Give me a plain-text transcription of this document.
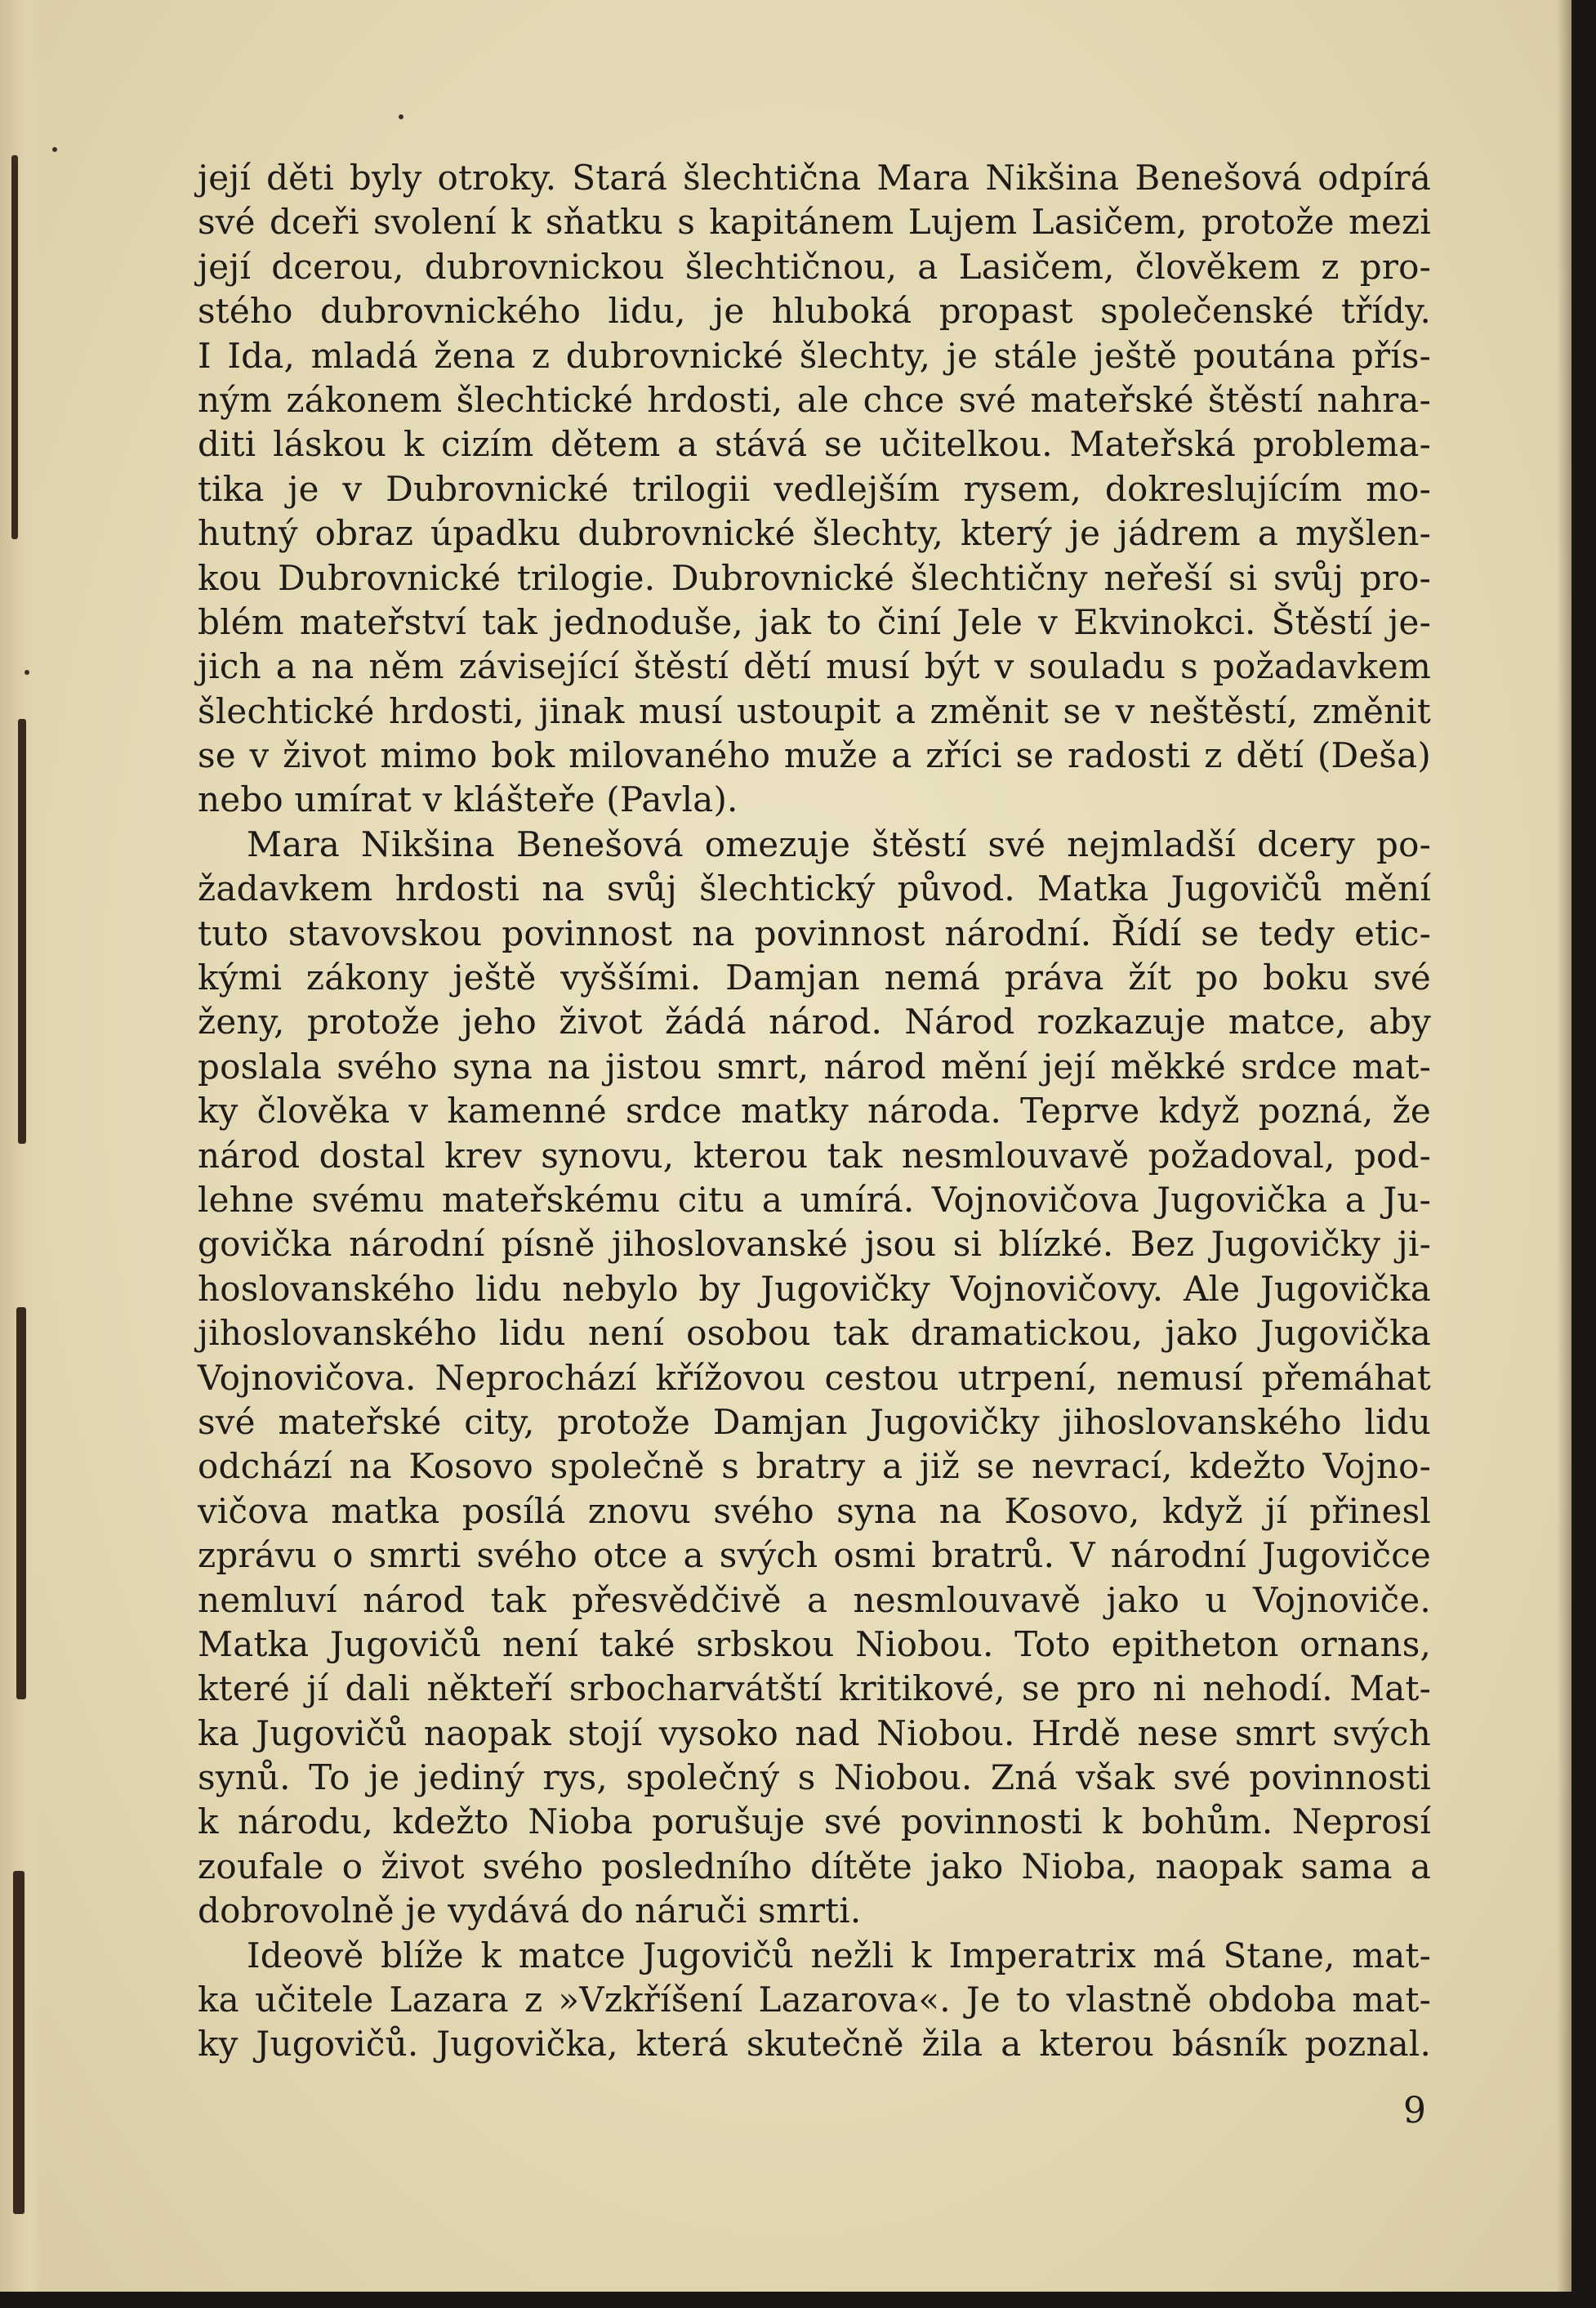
její děti byly otroky. Stará šlechtična Mara Nikšina Benešová odpírá
své dceři svolení k sňatku s kapitánem Lujem Lasičem, protože mezi
její dcerou, dubrovnickou šlechtičnou, a Lasičem, člověkem z pro-
stého dubrovnického lidu, je hluboká propast společenské třídy.
I Ida, mladá žena z dubrovnické šlechty, je stále ještě poutána přís-
ným zákonem šlechtické hrdosti, ale chce své mateřské štěstí nahra-
diti láskou k cizím dětem a stává se učitelkou. Mateřská problema-
tika je v Dubrovnické trilogii vedlejším rysem, dokreslujícím mo-
hutný obraz úpadku dubrovnické šlechty, který je jádrem a myšlen-
kou Dubrovnické trilogie. Dubrovnické šlechtičny neřeší si svůj pro-
blém mateřství tak jednoduše, jak to činí Jele v Ekvinokci. Štěstí je-
jich a na něm závisející štěstí dětí musí být v souladu s požadavkem
šlechtické hrdosti, jinak musí ustoupit a změnit se v neštěstí, změnit
se v život mimo bok milovaného muže a zříci se radosti z dětí (Deša)
nebo umírat v klášteře (Pavla).
Mara Nikšina Benešová omezuje štěstí své nejmladší dcery po-
žadavkem hrdosti na svůj šlechtický původ. Matka Jugovičů mění
tuto stavovskou povinnost na povinnost národní. Řídí se tedy etic-
kými zákony ještě vyššími. Damjan nemá práva žít po boku své
ženy, protože jeho život žádá národ. Národ rozkazuje matce, aby
poslala svého syna na jistou smrt, národ mění její měkké srdce mat-
ky člověka v kamenné srdce matky národa. Teprve když pozná, že
národ dostal krev synovu, kterou tak nesmlouvavě požadoval, pod-
lehne svému mateřskému citu a umírá. Vojnovičova Jugovička a Ju-
govička národní písně jihoslovanské jsou si blízké. Bez Jugovičky ji-
hoslovanského lidu nebylo by Jugovičky Vojnovičovy. Ale Jugovička
jihoslovanského lidu není osobou tak dramatickou, jako Jugovička
Vojnovičova. Neprochází křížovou cestou utrpení, nemusí přemáhat
své mateřské city, protože Damjan Jugovičky jihoslovanského lidu
odchází na Kosovo společně s bratry a již se nevrací, kdežto Vojno-
vičova matka posílá znovu svého syna na Kosovo, když jí přinesl
zprávu o smrti svého otce a svých osmi bratrů. V národní Jugovičce
nemluví národ tak přesvědčivě a nesmlouvavě jako u Vojnoviče.
Matka Jugovičů není také srbskou Niobou. Toto epitheton ornans,
které jí dali někteří srbocharvátští kritikové, se pro ni nehodí. Mat-
ka Jugovičů naopak stojí vysoko nad Niobou. Hrdě nese smrt svých
synů. To je jediný rys, společný s Niobou. Zná však své povinnosti
k národu, kdežto Nioba porušuje své povinnosti k bohům. Neprosí
zoufale o život svého posledního dítěte jako Nioba, naopak sama a
dobrovolně je vydává do náruči smrti.
Ideově blíže k matce Jugovičů nežli k Imperatrix má Stane, mat-
ka učitele Lazara z »Vzkříšení Lazarova«. Je to vlastně obdoba mat-
ky Jugovičů. Jugovička, která skutečně žila a kterou básník poznal.
9
